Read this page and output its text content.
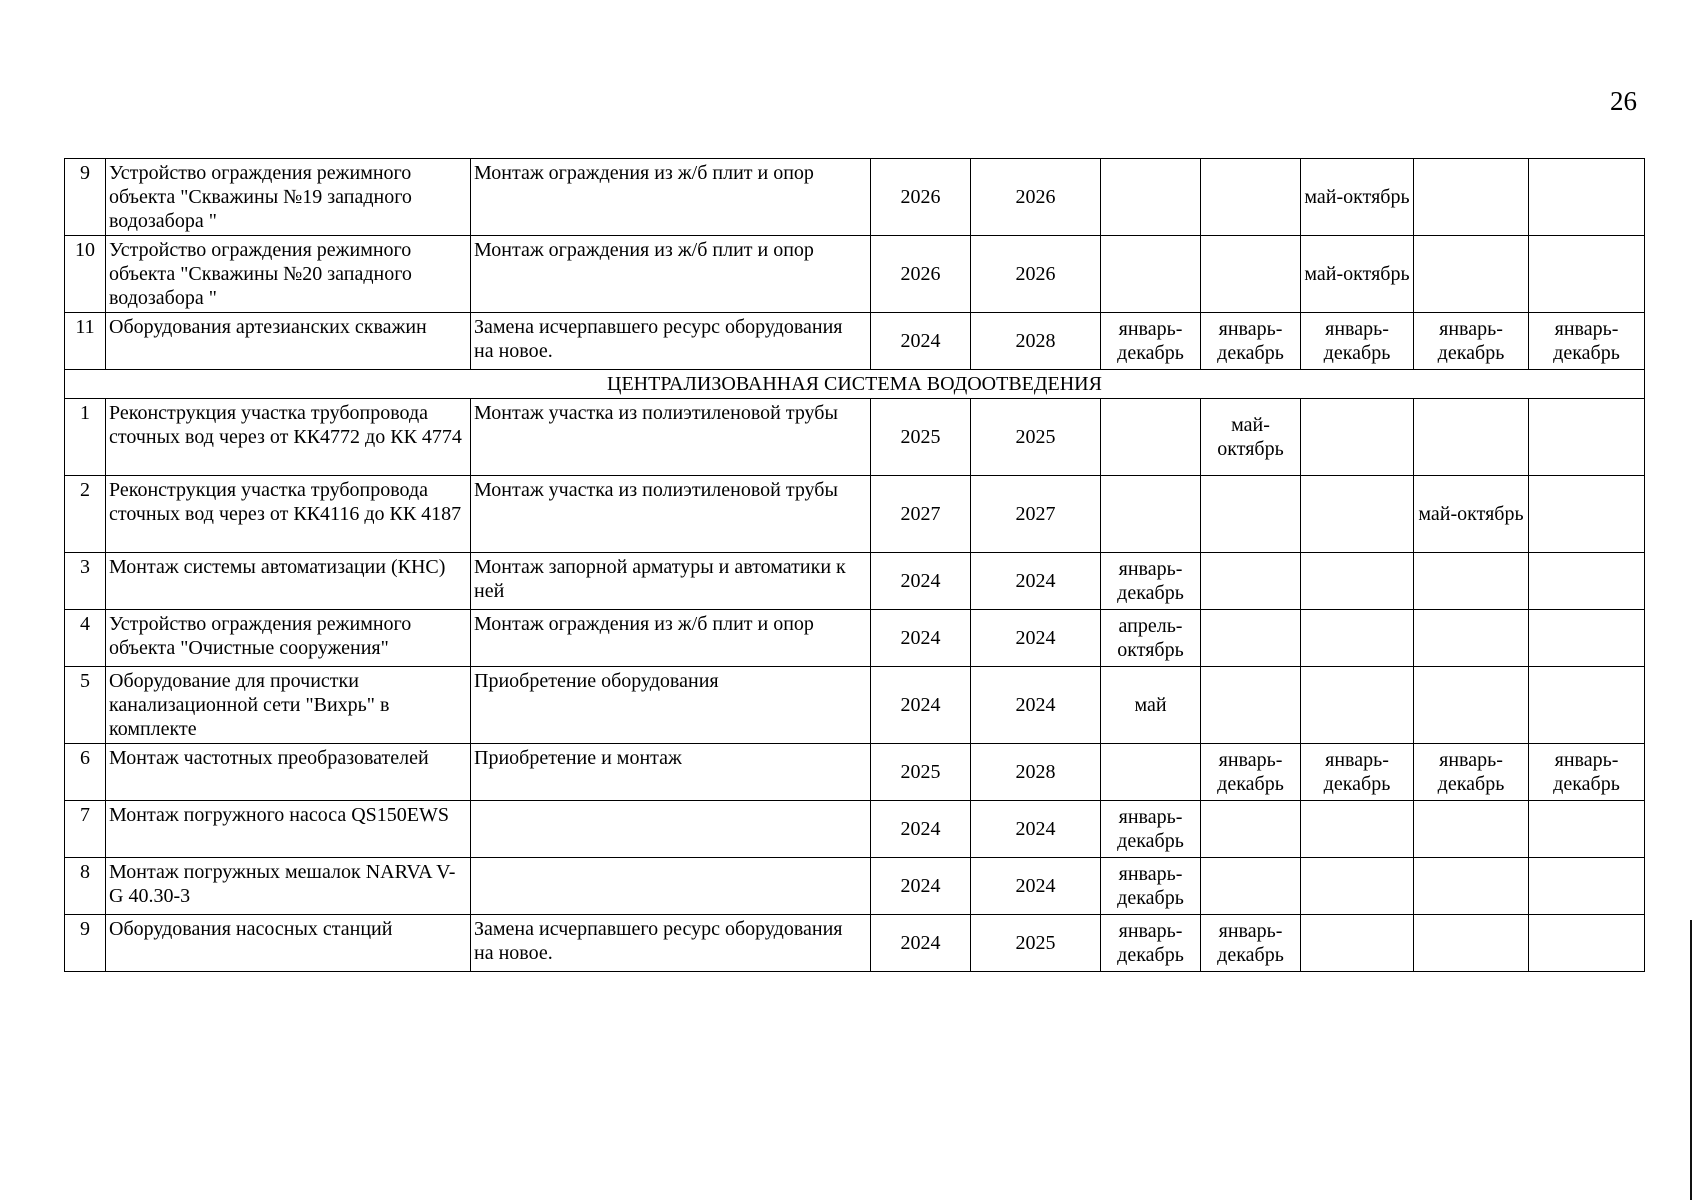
26
9	Устройство ограждения режимного объекта "Скважины №19 западного водозабора "	Монтаж ограждения из ж/б плит и опор	2026	2026			май-октябрь		
10	Устройство ограждения режимного объекта "Скважины №20 западного водозабора "	Монтаж ограждения из ж/б плит и опор	2026	2026			май-октябрь		
11	Оборудования артезианских скважин	Замена исчерпавшего ресурс оборудования на новое.	2024	2028	январь-декабрь	январь-декабрь	январь-декабрь	январь-декабрь	январь-декабрь
ЦЕНТРАЛИЗОВАННАЯ СИСТЕМА ВОДООТВЕДЕНИЯ									
1	Реконструкция участка трубопровода сточных вод через от КК4772 до КК 4774	Монтаж участка из полиэтиленовой трубы	2025	2025		май-октябрь			
2	Реконструкция участка трубопровода сточных вод через от КК4116 до КК 4187	Монтаж участка из полиэтиленовой трубы	2027	2027				май-октябрь	
3	Монтаж системы автоматизации (КНС)	Монтаж запорной арматуры и автоматики к ней	2024	2024	январь-декабрь				
4	Устройство ограждения режимного объекта "Очистные сооружения"	Монтаж ограждения из ж/б плит и опор	2024	2024	апрель-октябрь				
5	Оборудование для прочистки канализационной сети "Вихрь" в комплекте	Приобретение оборудования	2024	2024	май				
6	Монтаж частотных преобразователей	Приобретение и монтаж	2025	2028		январь-декабрь	январь-декабрь	январь-декабрь	январь-декабрь
7	Монтаж погружного насоса QS150EWS		2024	2024	январь-декабрь				
8	Монтаж погружных мешалок NARVA V-G 40.30-3		2024	2024	январь-декабрь				
9	Оборудования насосных станций	Замена исчерпавшего ресурс оборудования на новое.	2024	2025	январь-декабрь	январь-декабрь			
